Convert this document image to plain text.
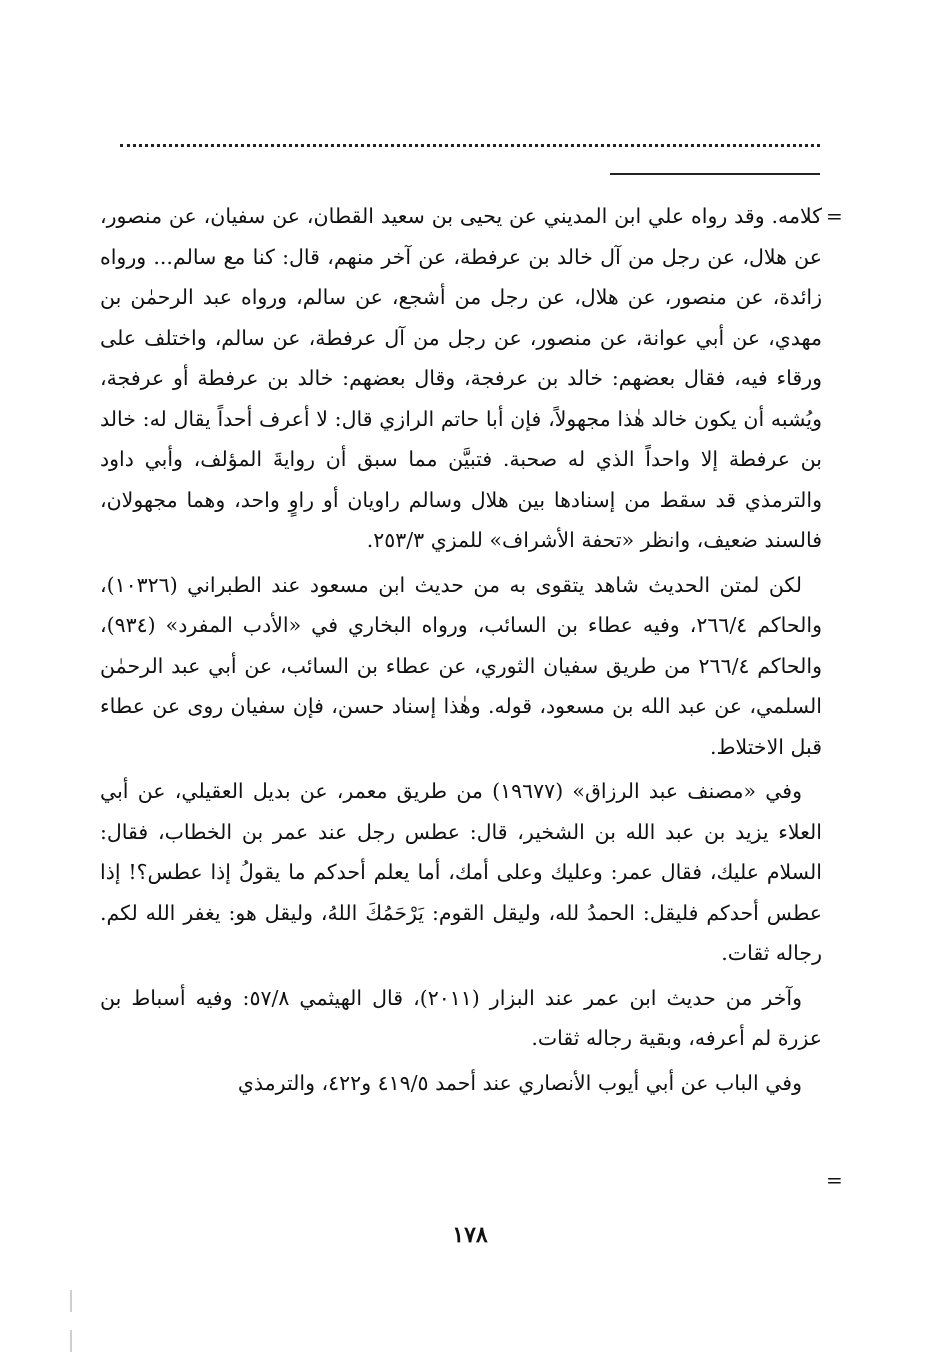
=
=

كلامه. وقد رواه علي ابن المديني عن يحيى بن سعيد القطان، عن سفيان، عن منصور، عن هلال، عن رجل من آل خالد بن عرفطة، عن آخر منهم، قال: كنا مع سالم... ورواه زائدة، عن منصور، عن هلال، عن رجل من أشجع، عن سالم، ورواه عبد الرحمٰن بن مهدي، عن أبي عوانة، عن منصور، عن رجل من آل عرفطة، عن سالم، واختلف على ورقاء فيه، فقال بعضهم: خالد بن عرفجة، وقال بعضهم: خالد بن عرفطة أو عرفجة، ويُشبه أن يكون خالد هٰذا مجهولاً، فإن أبا حاتم الرازي قال: لا أعرف أحداً يقال له: خالد بن عرفطة إلا واحداً الذي له صحبة. فتبيَّن مما سبق أن روايةَ المؤلف، وأبي داود والترمذي قد سقط من إسنادها بين هلال وسالم راويان أو راوٍ واحد، وهما مجهولان، فالسند ضعيف، وانظر «تحفة الأشراف» للمزي ٢٥٣/٣.

لكن لمتن الحديث شاهد يتقوى به من حديث ابن مسعود عند الطبراني (١٠٣٢٦)، والحاكم ٢٦٦/٤، وفيه عطاء بن السائب، ورواه البخاري في «الأدب المفرد» (٩٣٤)، والحاكم ٢٦٦/٤ من طريق سفيان الثوري، عن عطاء بن السائب، عن أبي عبد الرحمٰن السلمي، عن عبد الله بن مسعود، قوله. وهٰذا إسناد حسن، فإن سفيان روى عن عطاء قبل الاختلاط.

وفي «مصنف عبد الرزاق» (١٩٦٧٧) من طريق معمر، عن بديل العقيلي، عن أبي العلاء يزيد بن عبد الله بن الشخير، قال: عطس رجل عند عمر بن الخطاب، فقال: السلام عليك، فقال عمر: وعليك وعلى أمك، أما يعلم أحدكم ما يقولُ إذا عطس؟! إذا عطس أحدكم فليقل: الحمدُ لله، وليقل القوم: يَرْحَمُكَ اللهُ، وليقل هو: يغفر الله لكم. رجاله ثقات.

وآخر من حديث ابن عمر عند البزار (٢٠١١)، قال الهيثمي ٥٧/٨: وفيه أسباط بن عزرة لم أعرفه، وبقية رجاله ثقات.

وفي الباب عن أبي أيوب الأنصاري عند أحمد ٤١٩/٥ و٤٢٢، والترمذي

١٧٨
